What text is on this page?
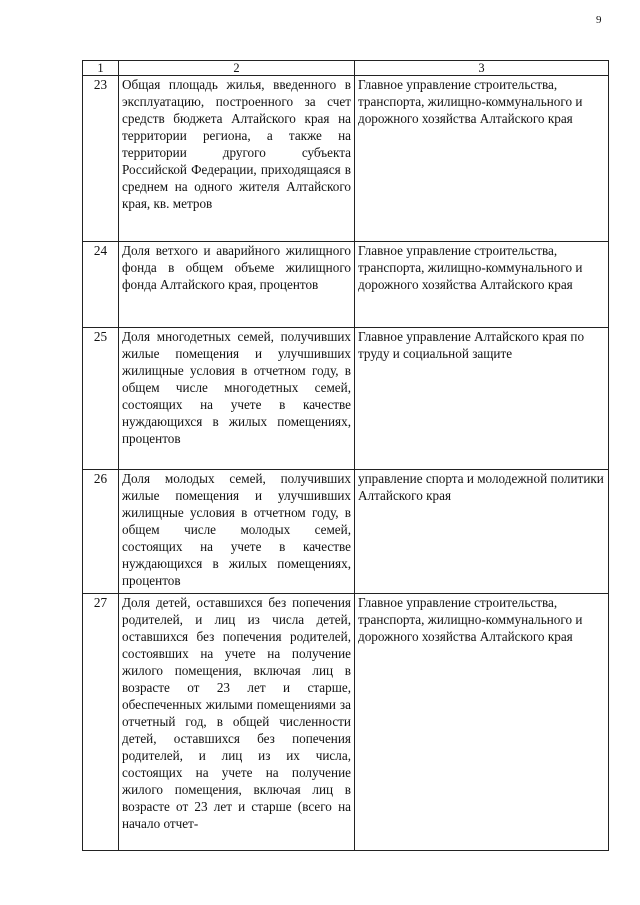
9
1	2	3
23	Общая площадь жилья, введенного в эксплуатацию, построенного за счет средств бюджета Алтайского края на территории региона, а также на территории другого субъекта Российской Федерации, приходящаяся в среднем на одного жителя Алтайского края, кв. метров	Главное управление строительства, транспорта, жилищно-коммунального и дорожного хозяйства Алтайского края
24	Доля ветхого и аварийного жилищного фонда в общем объеме жилищного фонда Алтайского края, процентов	Главное управление строительства, транспорта, жилищно-коммунального и дорожного хозяйства Алтайского края
25	Доля многодетных семей, получивших жилые помещения и улучшивших жилищные условия в отчетном году, в общем числе многодетных семей, состоящих на учете в качестве нуждающихся в жилых помещениях, процентов	Главное управление Алтайского края по труду и социальной защите
26	Доля молодых семей, получивших жилые помещения и улучшивших жилищные условия в отчетном году, в общем числе молодых семей, состоящих на учете в качестве нуждающихся в жилых помещениях, процентов	управление спорта и молодежной политики Алтайского края
27	Доля детей, оставшихся без попечения родителей, и лиц из числа детей, оставшихся без попечения родителей, состоявших на учете на получение жилого помещения, включая лиц в возрасте от 23 лет и старше, обеспеченных жилыми помещениями за отчетный год, в общей численности детей, оставшихся без попечения родителей, и лиц из их числа, состоящих на учете на получение жилого помещения, включая лиц в возрасте от 23 лет и старше (всего на начало отчет-	Главное управление строительства, транспорта, жилищно-коммунального и дорожного хозяйства Алтайского края
